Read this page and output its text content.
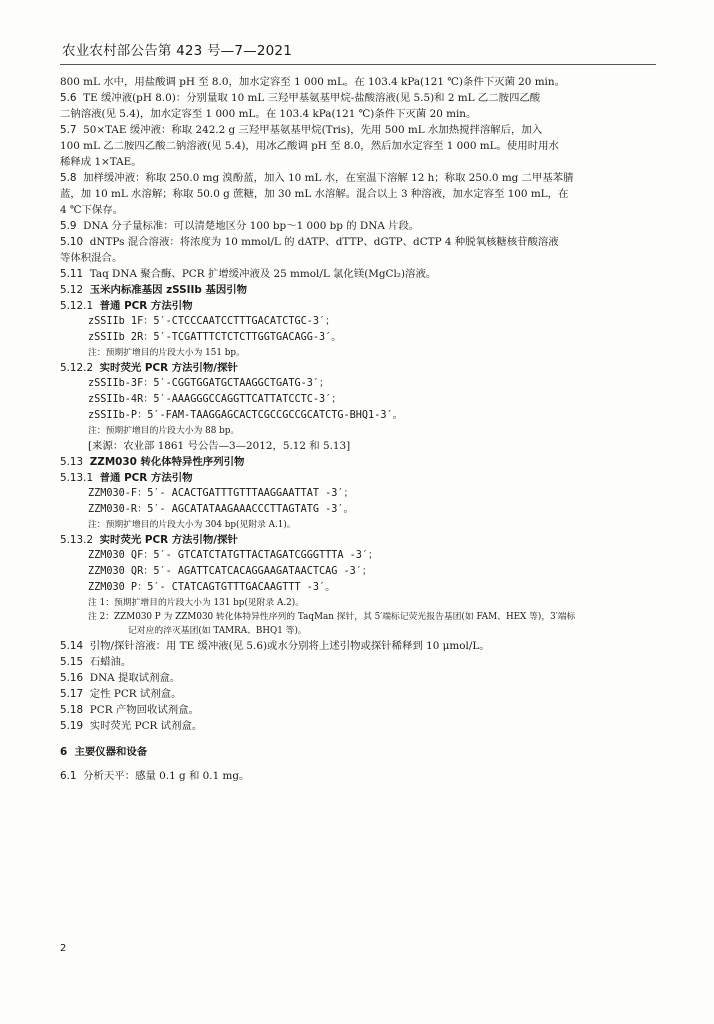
农业农村部公告第 423 号—7—2021
800 mL 水中，用盐酸调 pH 至 8.0，加水定容至 1 000 mL。在 103.4 kPa(121 ℃)条件下灭菌 20 min。
5.6 TE 缓冲液(pH 8.0)：分别量取 10 mL 三羟甲基氨基甲烷-盐酸溶液(见 5.5)和 2 mL 乙二胺四乙酸
二钠溶液(见 5.4)，加水定容至 1 000 mL。在 103.4 kPa(121 ℃)条件下灭菌 20 min。
5.7 50×TAE 缓冲液：称取 242.2 g 三羟甲基氨基甲烷(Tris)，先用 500 mL 水加热搅拌溶解后，加入
100 mL 乙二胺四乙酸二钠溶液(见 5.4)，用冰乙酸调 pH 至 8.0，然后加水定容至 1 000 mL。使用时用水
稀释成 1×TAE。
5.8 加样缓冲液：称取 250.0 mg 溴酚蓝，加入 10 mL 水，在室温下溶解 12 h；称取 250.0 mg 二甲基苯腈
蓝，加 10 mL 水溶解；称取 50.0 g 蔗糖，加 30 mL 水溶解。混合以上 3 种溶液，加水定容至 100 mL，在
4 ℃下保存。
5.9 DNA 分子量标准：可以清楚地区分 100 bp～1 000 bp 的 DNA 片段。
5.10 dNTPs 混合溶液：将浓度为 10 mmol/L 的 dATP、dTTP、dGTP、dCTP 4 种脱氧核糖核苷酸溶液
等体积混合。
5.11 Taq DNA 聚合酶、PCR 扩增缓冲液及 25 mmol/L 氯化镁(MgCl₂)溶液。
5.12 玉米内标准基因 zSSIIb 基因引物
5.12.1 普通 PCR 方法引物
zSSIIb 1F：5′-CTCCCAATCCTTTGACATCTGC-3′；
zSSIIb 2R：5′-TCGATTTCTCTCTTGGTGACAGG-3′。
注：预期扩增目的片段大小为 151 bp。
5.12.2 实时荧光 PCR 方法引物/探针
zSSIIb-3F：5′-CGGTGGATGCTAAGGCTGATG-3′；
zSSIIb-4R：5′-AAAGGGCCAGGTTCATTATCCTC-3′；
zSSIIb-P：5′-FAM-TAAGGAGCACTCGCCGCCGCATCTG-BHQ1-3′。
注：预期扩增目的片段大小为 88 bp。
[来源：农业部 1861 号公告—3—2012，5.12 和 5.13]
5.13 ZZM030 转化体特异性序列引物
5.13.1 普通 PCR 方法引物
ZZM030-F：5′- ACACTGATTTGTTTAAGGAATTAT -3′；
ZZM030-R：5′- AGCATATAAGAAACCCTTAGTATG -3′。
注：预期扩增目的片段大小为 304 bp(见附录 A.1)。
5.13.2 实时荧光 PCR 方法引物/探针
ZZM030 QF：5′- GTCATCTATGTTACTAGATCGGGTTTA -3′；
ZZM030 QR：5′- AGATTCATCACAGGAAGATAACTCAG -3′；
ZZM030 P：5′- CTATCAGTGTTTGACAAGTTT -3′。
注 1：预期扩增目的片段大小为 131 bp(见附录 A.2)。
注 2：ZZM030 P 为 ZZM030 转化体特异性序列的 TaqMan 探针，其 5′端标记荧光报告基团(如 FAM、HEX 等)，3′端标
记对应的淬灭基团(如 TAMRA、BHQ1 等)。
5.14 引物/探针溶液：用 TE 缓冲液(见 5.6)或水分别将上述引物或探针稀释到 10 μmol/L。
5.15 石蜡油。
5.16 DNA 提取试剂盒。
5.17 定性 PCR 试剂盒。
5.18 PCR 产物回收试剂盒。
5.19 实时荧光 PCR 试剂盒。
6 主要仪器和设备
6.1 分析天平：感量 0.1 g 和 0.1 mg。
2
